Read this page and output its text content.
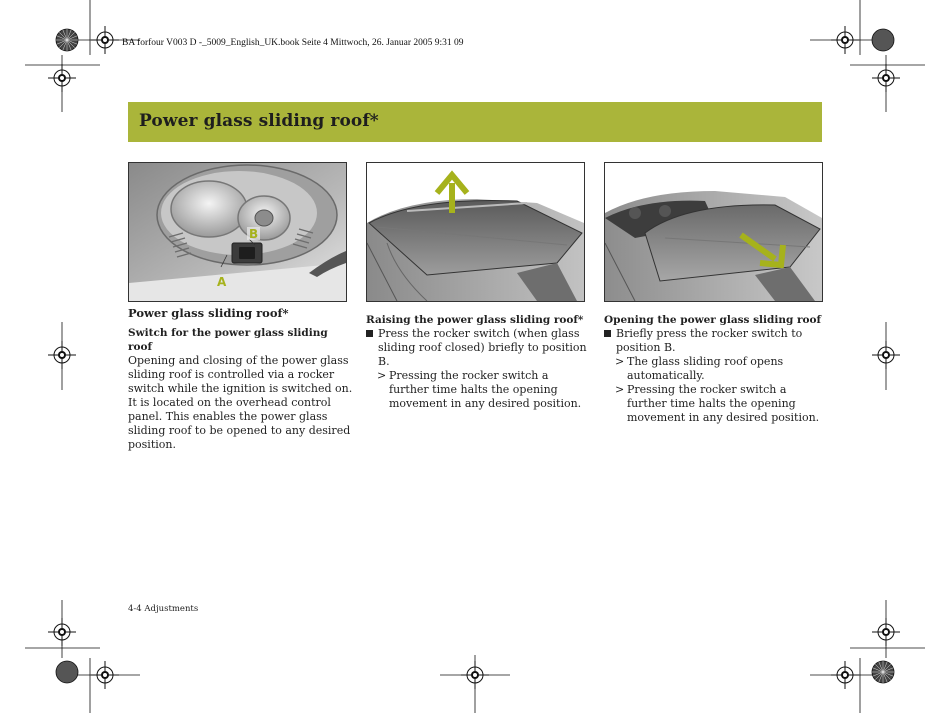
BA forfour V003 D -_5009_English_UK.book Seite 4 Mittwoch, 26. Januar 2005 9:31 09
Power glass sliding roof*
A
B

Power glass sliding roof*

Switch for the power glass sliding roof

Opening and closing of the power glass sliding roof is controlled via a rocker switch while the ignition is switched on. It is located on the overhead control panel. This enables the power glass sliding roof to be opened to any desired position.

Raising the power glass sliding roof*

Press the rocker switch (when glass sliding roof closed) briefly to position B.

> Pressing the rocker switch a further time halts the opening movement in any desired position.

Opening the power glass sliding roof

Briefly press the rocker switch to position B.

> The glass sliding roof opens automatically.

> Pressing the rocker switch a further time halts the opening movement in any desired position.

4-4 Adjustments
